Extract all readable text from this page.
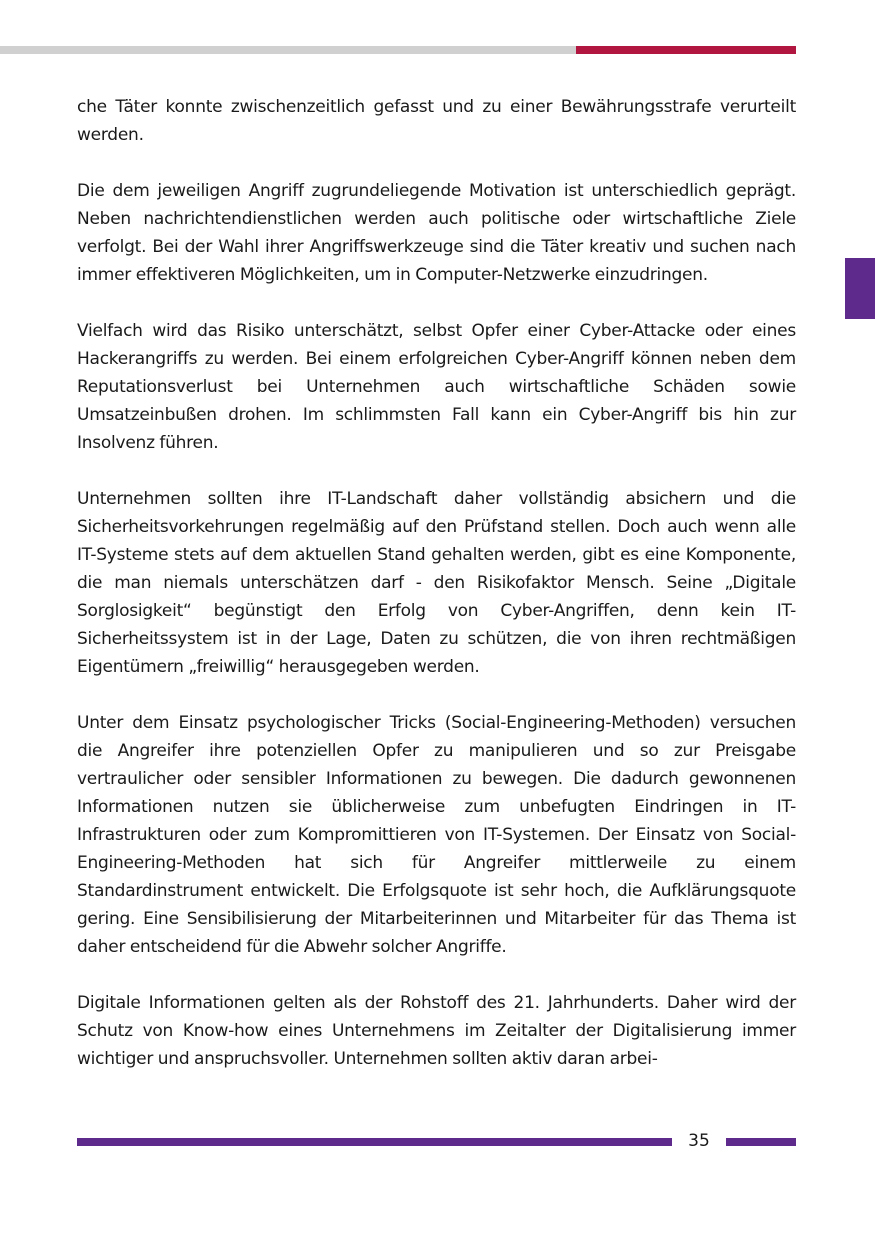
che Täter konnte zwischenzeitlich gefasst und zu einer Bewährungsstrafe verurteilt werden.

Die dem jeweiligen Angriff zugrundeliegende Motivation ist unterschiedlich geprägt. Neben nachrichtendienstlichen werden auch politische oder wirtschaftliche Ziele verfolgt. Bei der Wahl ihrer Angriffswerkzeuge sind die Täter kreativ und suchen nach immer effektiveren Möglichkeiten, um in Computer-Netzwerke einzudringen.

Vielfach wird das Risiko unterschätzt, selbst Opfer einer Cyber-Attacke oder eines Hackerangriffs zu werden. Bei einem erfolgreichen Cyber-Angriff können neben dem Reputationsverlust bei Unternehmen auch wirtschaftliche Schäden sowie Umsatzeinbußen drohen. Im schlimmsten Fall kann ein Cyber-Angriff bis hin zur Insolvenz führen.

Unternehmen sollten ihre IT-Landschaft daher vollständig absichern und die Sicherheitsvorkehrungen regelmäßig auf den Prüfstand stellen. Doch auch wenn alle IT-Systeme stets auf dem aktuellen Stand gehalten werden, gibt es eine Komponente, die man niemals unterschätzen darf - den Risikofaktor Mensch. Seine „Digitale Sorglosigkeit“ begünstigt den Erfolg von Cyber-Angriffen, denn kein IT-Sicherheitssystem ist in der Lage, Daten zu schützen, die von ihren rechtmäßigen Eigentümern „freiwillig“ herausgegeben werden.

Unter dem Einsatz psychologischer Tricks (Social-Engineering-Methoden) versuchen die Angreifer ihre potenziellen Opfer zu manipulieren und so zur Preisgabe vertraulicher oder sensibler Informationen zu bewegen. Die dadurch gewonnenen Informationen nutzen sie üblicherweise zum unbefugten Eindringen in IT-Infrastrukturen oder zum Kompromittieren von IT-Systemen. Der Einsatz von Social-Engineering-Methoden hat sich für Angreifer mittlerweile zu einem Standardinstrument entwickelt. Die Erfolgsquote ist sehr hoch, die Aufklärungsquote gering. Eine Sensibilisierung der Mitarbeiterinnen und Mitarbeiter für das Thema ist daher entscheidend für die Abwehr solcher Angriffe.

Digitale Informationen gelten als der Rohstoff des 21. Jahrhunderts. Daher wird der Schutz von Know-how eines Unternehmens im Zeitalter der Digitalisierung immer wichtiger und anspruchsvoller. Unternehmen sollten aktiv daran arbei-

35
